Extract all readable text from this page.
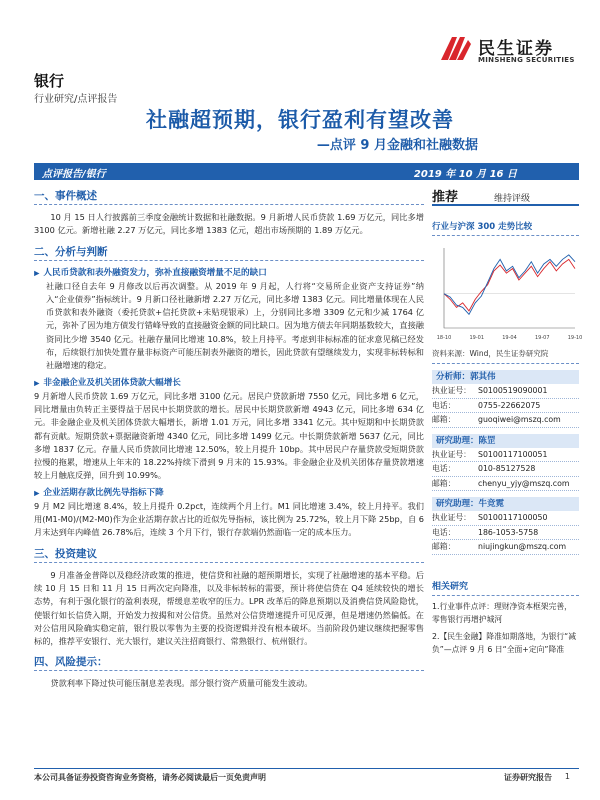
民生证券
MINSHENG SECURITIES
银行
行业研究/点评报告
社融超预期，银行盈利有望改善
—点评 9 月金融和社融数据
点评报告/银行	2019 年 10 月 16 日
一、事件概述

10 月 15 日人行披露前三季度金融统计数据和社融数据。9 月新增人民币贷款 1.69 万亿元，同比多增 3100 亿元。新增社融 2.27 万亿元，同比多增 1383 亿元，超出市场预期的 1.89 万亿元。

二、分析与判断
▲ 人民币贷款和表外融资发力，弥补直接融资增量不足的缺口

社融口径自去年 9 月修改以后再次调整。从 2019 年 9 月起，人行将“交易所企业资产支持证券”纳入“企业债券”指标统计。9 月新口径社融新增 2.27 万亿元，同比多增 1383 亿元。同比增量体现在人民币贷款和表外融资（委托贷款+信托贷款+未贴现银承）上，分别同比多增 3309 亿元和少减 1764 亿元，弥补了因为地方债发行错峰导致的直接融资金额的同比缺口。因为地方债去年同期基数较大，直接融资同比少增 3540 亿元。社融存量同比增速 10.8%，较上月持平。考虑到非标标准的征求意见稿已经发布，后续银行加快处置存量非标资产可能压制表外融资的增长，因此贷款有望继续发力，实现非标转标和社融增速的稳定。

▲ 非金融企业及机关团体贷款大幅增长

9 月新增人民币贷款 1.69 万亿元，同比多增 3100 亿元。居民户贷款新增 7550 亿元，同比多增 6 亿元，同比增量由负转正主要得益于居民中长期贷款的增长。居民中长期贷款新增 4943 亿元，同比多增 634 亿元。非金融企业及机关团体贷款大幅增长，新增 1.01 万元，同比多增 3341 亿元。其中短期和中长期贷款都有贡献。短期贷款+票据融资新增 4340 亿元，同比多增 1499 亿元。中长期贷款新增 5637 亿元，同比多增 1837 亿元。存量人民币贷款同比增速 12.50%，较上月提升 10bp。其中居民户存量贷款受短期贷款拉慢的拖累，增速从上年末的 18.22%持续下滑到 9 月末的 15.93%。非金融企业及机关团体存量贷款增速较上月触底反弹，回升到 10.99%。

▲ 企业活期存款比例先导指标下降

9 月 M2 同比增速 8.4%，较上月提升 0.2pct，连续两个月上行。M1 同比增速 3.4%，较上月持平。我们用(M1-M0)/(M2-M0)作为企业活期存款占比的近似先导指标，该比例为 25.72%，较上月下降 25bp，自 6 月末达到年内峰值 26.78%后，连续 3 个月下行，银行存款端仍然面临一定的成本压力。

三、投资建议

9 月准备金普降以及稳经济政策的推进，使信贷和社融的超预期增长，实现了社融增速的基本平稳。后续 10 月 15 日和 11 月 15 日两次定向降准，以及非标转标的需要，预计将使信贷在 Q4 延续较快的增长态势，有利于强化银行的盈利表现，帮缓息差收窄的压力。LPR 改革后的降息预期以及消费信贷风险隐忧，使银行如长信贷入期，开始发力按揭和对公信贷。虽然对公信贷增速提升可见反弹，但是增速仍然偏低。在对公信用风险确实稳定前，银行股以零售为主要的投资逻辑并没有根本破坏。当前阶段仍建议继续把握零售标的，推荐平安银行、光大银行，建议关注招商银行、常熟银行、杭州银行。

四、风险提示：

贷款利率下降过快可能压制息差表现。部分银行资产质量可能发生波动。

推荐	维持评级
行业与沪深 300 走势比较
18-10	19-01	19-04	19-07	19-10
资料来源：Wind，民生证券研究院
分析师：郭其伟
执业证号： S0100519090001
电话：	0755-22662075
邮箱：	guoqiwei@mszq.com
研究助理：陈罡
执业证号： S0100117100051
电话：	010-85127528
邮箱：	chenyu_yjy@mszq.com
研究助理：牛竞霓
执业证号： S0100117100050
电话：	186-1053-5758
邮箱：	niujingkun@mszq.com
相关研究
1.行业事件点评：理财净资本框架完善，零售银行再增护城河
2.【民生金融】降准如期落地，为银行“减负”—点评 9 月 6 日“全面+定向”降准
本公司具备证券投资咨询业务资格，请务必阅读最后一页免责声明	证券研究报告 1
